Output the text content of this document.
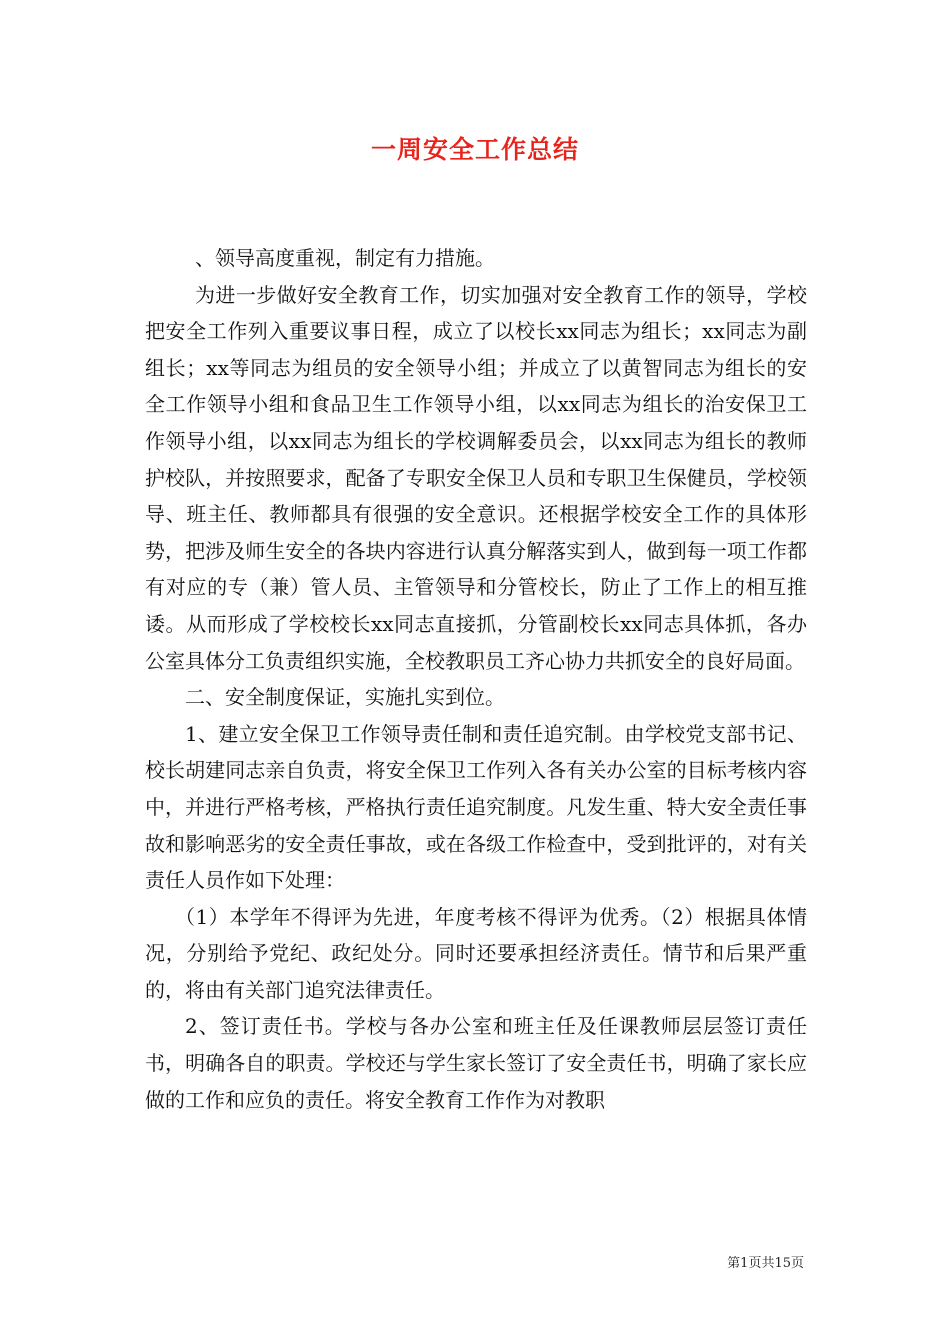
一周安全工作总结

、领导高度重视，制定有力措施。

为进一步做好安全教育工作，切实加强对安全教育工作的领导，学校把安全工作列入重要议事日程，成立了以校长xx同志为组长；xx同志为副组长；xx等同志为组员的安全领导小组；并成立了以黄智同志为组长的安全工作领导小组和食品卫生工作领导小组，以xx同志为组长的治安保卫工作领导小组，以xx同志为组长的学校调解委员会，以xx同志为组长的教师护校队，并按照要求，配备了专职安全保卫人员和专职卫生保健员，学校领导、班主任、教师都具有很强的安全意识。还根据学校安全工作的具体形势，把涉及师生安全的各块内容进行认真分解落实到人，做到每一项工作都有对应的专（兼）管人员、主管领导和分管校长，防止了工作上的相互推诿。从而形成了学校校长xx同志直接抓，分管副校长xx同志具体抓，各办公室具体分工负责组织实施，全校教职员工齐心协力共抓安全的良好局面。

二、安全制度保证，实施扎实到位。

1、建立安全保卫工作领导责任制和责任追究制。由学校党支部书记、校长胡建同志亲自负责，将安全保卫工作列入各有关办公室的目标考核内容中，并进行严格考核，严格执行责任追究制度。凡发生重、特大安全责任事故和影响恶劣的安全责任事故，或在各级工作检查中，受到批评的，对有关责任人员作如下处理：

（1）本学年不得评为先进，年度考核不得评为优秀。（2）根据具体情况，分别给予党纪、政纪处分。同时还要承担经济责任。情节和后果严重的，将由有关部门追究法律责任。

2、签订责任书。学校与各办公室和班主任及任课教师层层签订责任书，明确各自的职责。学校还与学生家长签订了安全责任书，明确了家长应做的工作和应负的责任。将安全教育工作作为对教职

第1页共15页
